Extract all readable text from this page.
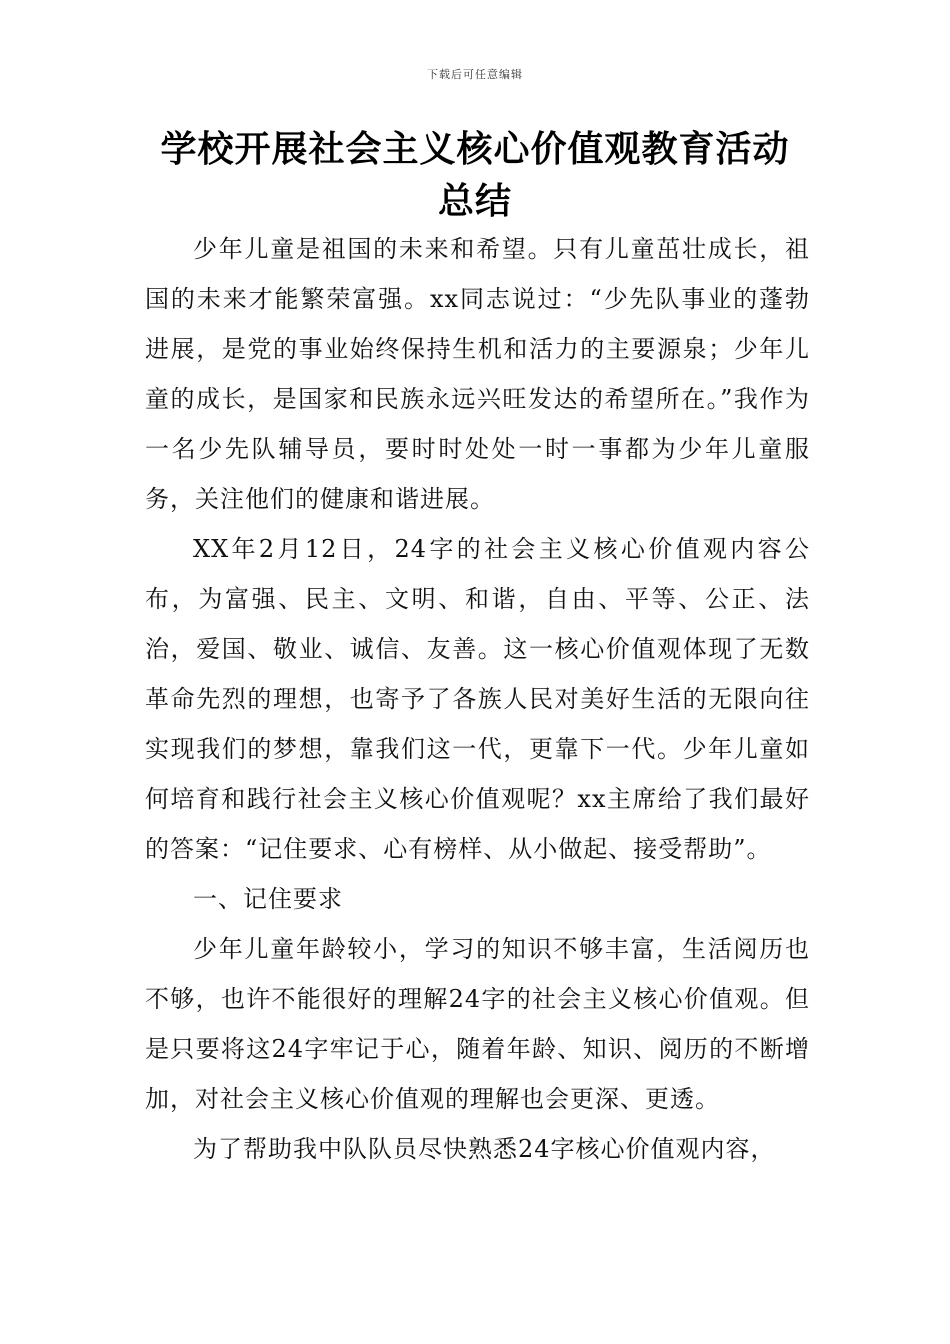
下载后可任意编辑
学校开展社会主义核心价值观教育活动总结

少年儿童是祖国的未来和希望。只有儿童茁壮成长，祖国的未来才能繁荣富强。xx同志说过：“少先队事业的蓬勃进展，是党的事业始终保持生机和活力的主要源泉；少年儿童的成长，是国家和民族永远兴旺发达的希望所在。”我作为一名少先队辅导员，要时时处处一时一事都为少年儿童服务，关注他们的健康和谐进展。

XX年2月12日，24字的社会主义核心价值观内容公布，为富强、民主、文明、和谐，自由、平等、公正、法治，爱国、敬业、诚信、友善。这一核心价值观体现了无数革命先烈的理想，也寄予了各族人民对美好生活的无限向往实现我们的梦想，靠我们这一代，更靠下一代。少年儿童如何培育和践行社会主义核心价值观呢？xx主席给了我们最好的答案：“记住要求、心有榜样、从小做起、接受帮助”。

一、记住要求

少年儿童年龄较小，学习的知识不够丰富，生活阅历也不够，也许不能很好的理解24字的社会主义核心价值观。但是只要将这24字牢记于心，随着年龄、知识、阅历的不断增加，对社会主义核心价值观的理解也会更深、更透。

为了帮助我中队队员尽快熟悉24字核心价值观内容，
